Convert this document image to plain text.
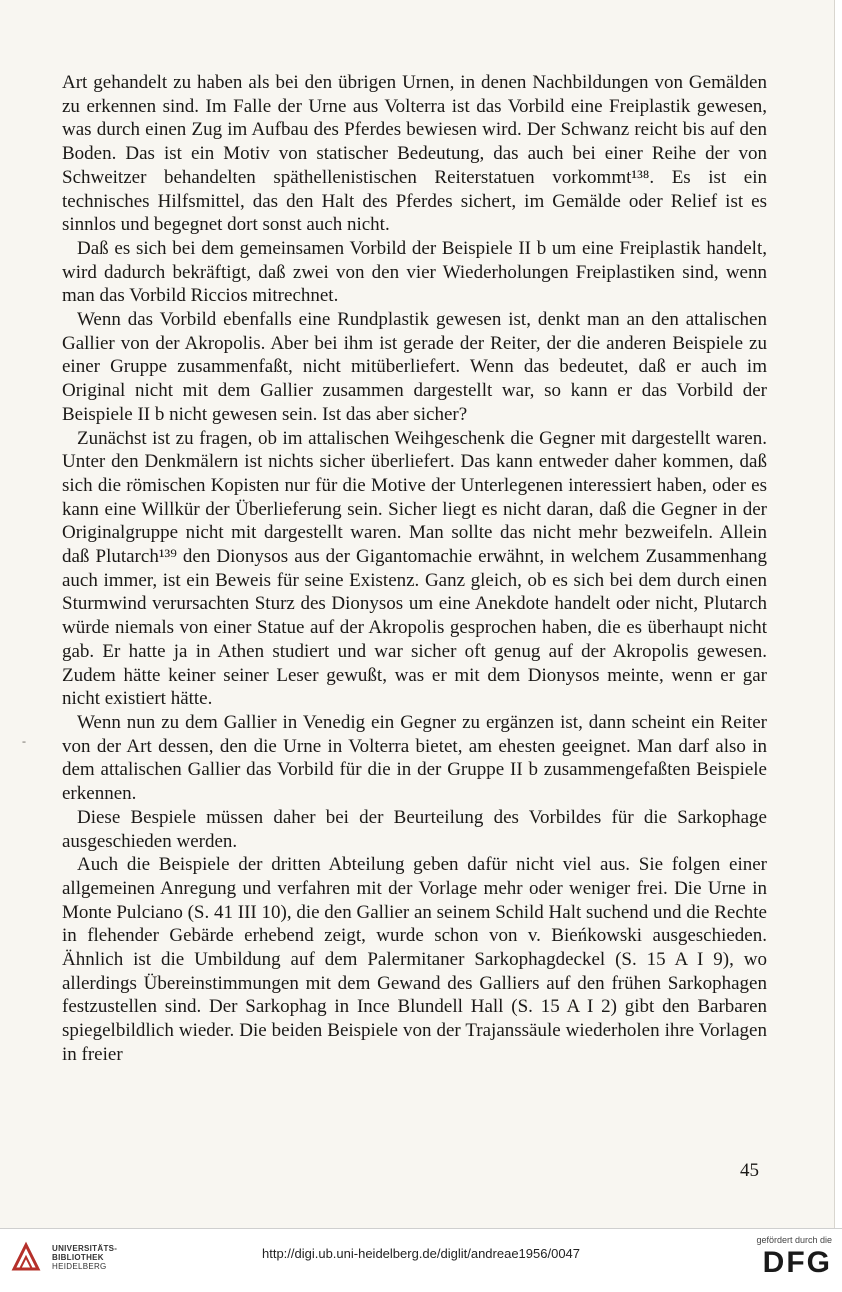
Art gehandelt zu haben als bei den übrigen Urnen, in denen Nachbildungen von Gemälden zu erkennen sind. Im Falle der Urne aus Volterra ist das Vorbild eine Freiplastik gewesen, was durch einen Zug im Aufbau des Pferdes bewiesen wird. Der Schwanz reicht bis auf den Boden. Das ist ein Motiv von statischer Bedeutung, das auch bei einer Reihe der von Schweitzer behandelten späthellenistischen Reiterstatuen vorkommt¹³⁸. Es ist ein technisches Hilfsmittel, das den Halt des Pferdes sichert, im Gemälde oder Relief ist es sinnlos und begegnet dort sonst auch nicht.

Daß es sich bei dem gemeinsamen Vorbild der Beispiele II b um eine Freiplastik handelt, wird dadurch bekräftigt, daß zwei von den vier Wiederholungen Freiplastiken sind, wenn man das Vorbild Riccios mitrechnet.

Wenn das Vorbild ebenfalls eine Rundplastik gewesen ist, denkt man an den attalischen Gallier von der Akropolis. Aber bei ihm ist gerade der Reiter, der die anderen Beispiele zu einer Gruppe zusammenfaßt, nicht mitüberliefert. Wenn das bedeutet, daß er auch im Original nicht mit dem Gallier zusammen dargestellt war, so kann er das Vorbild der Beispiele II b nicht gewesen sein. Ist das aber sicher?

Zunächst ist zu fragen, ob im attalischen Weihgeschenk die Gegner mit dargestellt waren. Unter den Denkmälern ist nichts sicher überliefert. Das kann entweder daher kommen, daß sich die römischen Kopisten nur für die Motive der Unterlegenen interessiert haben, oder es kann eine Willkür der Überlieferung sein. Sicher liegt es nicht daran, daß die Gegner in der Originalgruppe nicht mit dargestellt waren. Man sollte das nicht mehr bezweifeln. Allein daß Plutarch¹³⁹ den Dionysos aus der Gigantomachie erwähnt, in welchem Zusammenhang auch immer, ist ein Beweis für seine Existenz. Ganz gleich, ob es sich bei dem durch einen Sturmwind verursachten Sturz des Dionysos um eine Anekdote handelt oder nicht, Plutarch würde niemals von einer Statue auf der Akropolis gesprochen haben, die es überhaupt nicht gab. Er hatte ja in Athen studiert und war sicher oft genug auf der Akropolis gewesen. Zudem hätte keiner seiner Leser gewußt, was er mit dem Dionysos meinte, wenn er gar nicht existiert hätte.

Wenn nun zu dem Gallier in Venedig ein Gegner zu ergänzen ist, dann scheint ein Reiter von der Art dessen, den die Urne in Volterra bietet, am ehesten geeignet. Man darf also in dem attalischen Gallier das Vorbild für die in der Gruppe II b zusammengefaßten Beispiele erkennen.

Diese Bespiele müssen daher bei der Beurteilung des Vorbildes für die Sarkophage ausgeschieden werden.

Auch die Beispiele der dritten Abteilung geben dafür nicht viel aus. Sie folgen einer allgemeinen Anregung und verfahren mit der Vorlage mehr oder weniger frei. Die Urne in Monte Pulciano (S. 41 III 10), die den Gallier an seinem Schild Halt suchend und die Rechte in flehender Gebärde erhebend zeigt, wurde schon von v. Bieńkowski ausgeschieden. Ähnlich ist die Umbildung auf dem Palermitaner Sarkophagdeckel (S. 15 A I 9), wo allerdings Übereinstimmungen mit dem Gewand des Galliers auf den frühen Sarkophagen festzustellen sind. Der Sarkophag in Ince Blundell Hall (S. 15 A I 2) gibt den Barbaren spiegelbildlich wieder. Die beiden Beispiele von der Trajanssäule wiederholen ihre Vorlagen in freier

-
45
UNIVERSITÄTS-
BIBLIOTHEK
HEIDELBERG
http://digi.ub.uni-heidelberg.de/diglit/andreae1956/0047
gefördert durch die
DFG
